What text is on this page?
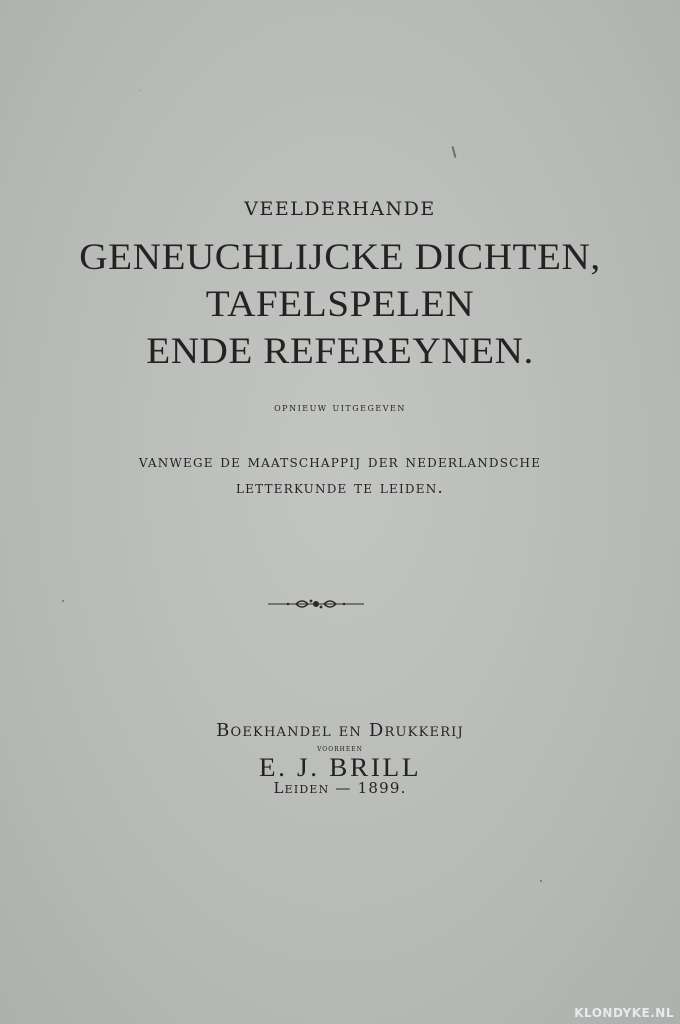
VEELDERHANDE
GENEUCHLIJCKE DICHTEN,
TAFELSPELEN
ENDE REFEREYNEN.
opnieuw uitgegeven
vanwege de maatschappij der nederlandsche
letterkunde te leiden.
Boekhandel en Drukkerij
voorheen
E. J. BRILL
Leiden — 1899.
KLONDYKE.NL
